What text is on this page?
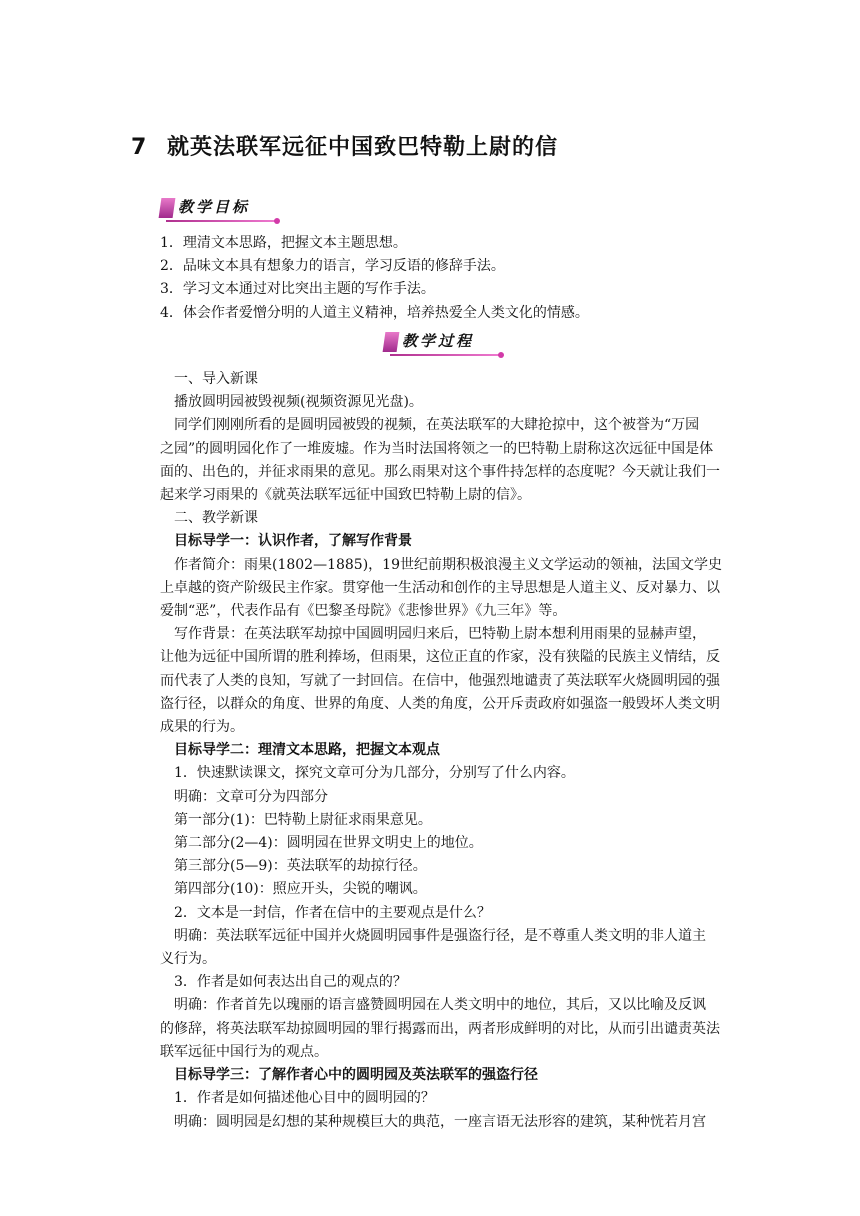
7 就英法联军远征中国致巴特勒上尉的信
教学目标

1．理清文本思路，把握文本主题思想。

2．品味文本具有想象力的语言，学习反语的修辞手法。

3．学习文本通过对比突出主题的写作手法。

4．体会作者爱憎分明的人道主义精神，培养热爱全人类文化的情感。

教学过程

一、导入新课

播放圆明园被毁视频(视频资源见光盘)。

同学们刚刚所看的是圆明园被毁的视频，在英法联军的大肆抢掠中，这个被誉为“万园

之园”的圆明园化作了一堆废墟。作为当时法国将领之一的巴特勒上尉称这次远征中国是体

面的、出色的，并征求雨果的意见。那么雨果对这个事件持怎样的态度呢？今天就让我们一

起来学习雨果的《就英法联军远征中国致巴特勒上尉的信》。

二、教学新课

目标导学一：认识作者，了解写作背景

作者简介：雨果(1802—1885)，19世纪前期积极浪漫主义文学运动的领袖，法国文学史

上卓越的资产阶级民主作家。贯穿他一生活动和创作的主导思想是人道主义、反对暴力、以

爱制“恶”，代表作品有《巴黎圣母院》《悲惨世界》《九三年》等。

写作背景：在英法联军劫掠中国圆明园归来后，巴特勒上尉本想利用雨果的显赫声望，

让他为远征中国所谓的胜利捧场，但雨果，这位正直的作家，没有狭隘的民族主义情结，反

而代表了人类的良知，写就了一封回信。在信中，他强烈地谴责了英法联军火烧圆明园的强

盗行径，以群众的角度、世界的角度、人类的角度，公开斥责政府如强盗一般毁坏人类文明

成果的行为。

目标导学二：理清文本思路，把握文本观点

1．快速默读课文，探究文章可分为几部分，分别写了什么内容。

明确：文章可分为四部分

第一部分(1)：巴特勒上尉征求雨果意见。

第二部分(2—4)：圆明园在世界文明史上的地位。

第三部分(5—9)：英法联军的劫掠行径。

第四部分(10)：照应开头，尖锐的嘲讽。

2．文本是一封信，作者在信中的主要观点是什么？

明确：英法联军远征中国并火烧圆明园事件是强盗行径，是不尊重人类文明的非人道主

义行为。

3．作者是如何表达出自己的观点的？

明确：作者首先以瑰丽的语言盛赞圆明园在人类文明中的地位，其后，又以比喻及反讽

的修辞，将英法联军劫掠圆明园的罪行揭露而出，两者形成鲜明的对比，从而引出谴责英法

联军远征中国行为的观点。

目标导学三：了解作者心中的圆明园及英法联军的强盗行径

1．作者是如何描述他心目中的圆明园的？

明确：圆明园是幻想的某种规模巨大的典范，一座言语无法形容的建筑，某种恍若月宫
